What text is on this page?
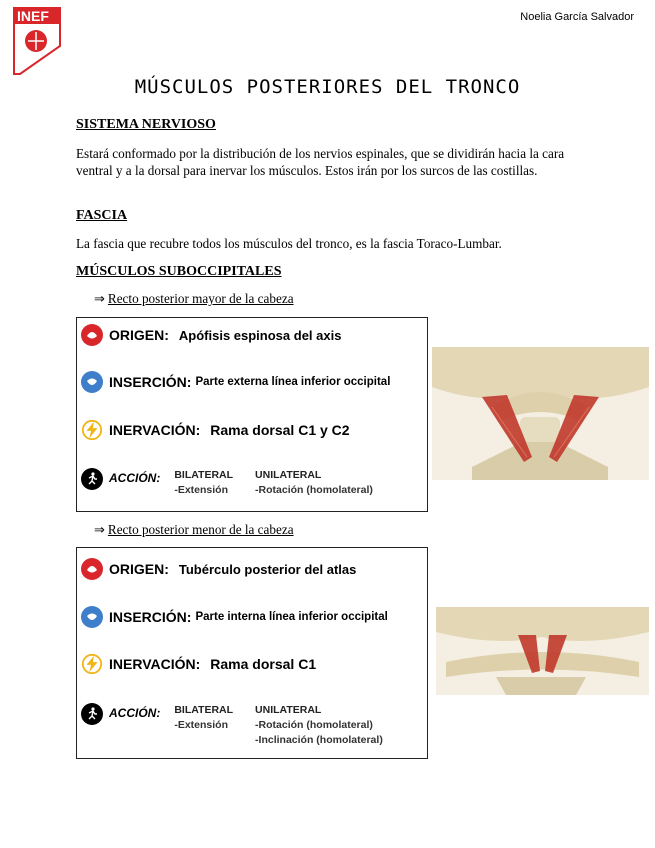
INEF	Noelia García Salvador
MÚSCULOS POSTERIORES DEL TRONCO
SISTEMA NERVIOSO
Estará conformado por la distribución de los nervios espinales, que se dividirán hacia la cara ventral y a la dorsal para inervar los músculos. Estos irán por los surcos de las costillas.
FASCIA
La fascia que recubre todos los músculos del tronco, es la fascia Toraco-Lumbar.
MÚSCULOS SUBOCCIPITALES
⇒ Recto posterior mayor de la cabeza
ORIGEN: Apófisis espinosa del axis
INSERCIÓN: Parte externa línea inferior occipital
INERVACIÓN: Rama dorsal C1 y C2
ACCIÓN: BILATERAL
-Extensión
UNILATERAL
-Rotación (homolateral)
⇒ Recto posterior menor de la cabeza
ORIGEN: Tubérculo posterior del atlas
INSERCIÓN: Parte interna línea inferior occipital
INERVACIÓN: Rama dorsal C1
ACCIÓN: BILATERAL
-Extensión
UNILATERAL
-Rotación (homolateral)
-Inclinación (homolateral)
